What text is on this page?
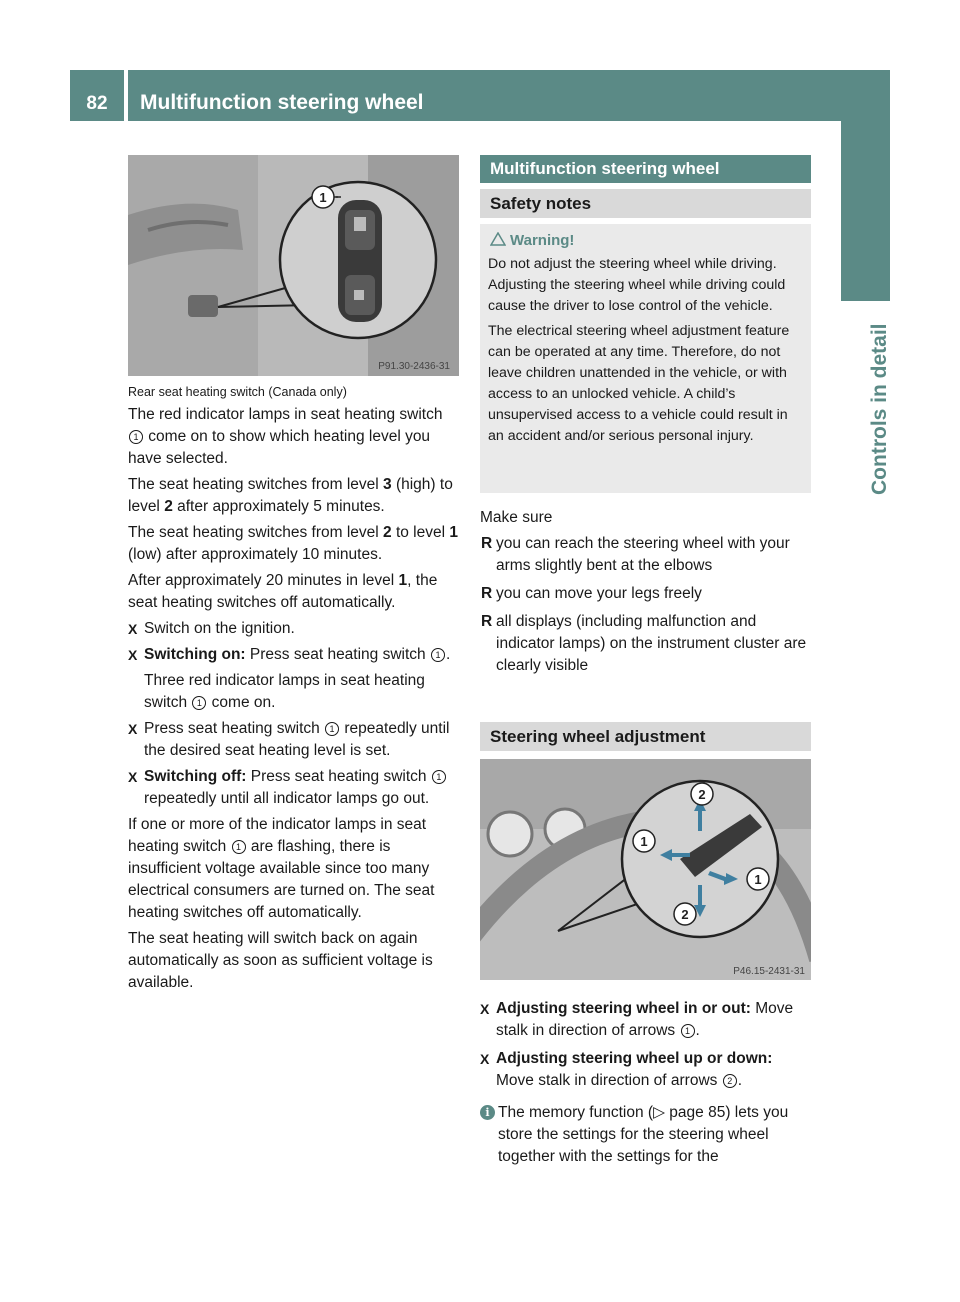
82	Multifunction steering wheel
Controls in detail
1
P91.30-2436-31

Rear seat heating switch (Canada only)

The red indicator lamps in seat heating switch 1 come on to show which heating level you have selected.

The seat heating switches from level 3 (high) to level 2 after approximately 5 minutes.

The seat heating switches from level 2 to level 1 (low) after approximately 10 minutes.

After approximately 20 minutes in level 1, the seat heating switches off automatically.

X Switch on the ignition.
X Switching on: Press seat heating switch 1 .
Three red indicator lamps in seat heating switch 1 come on.
X Press seat heating switch 1 repeatedly until the desired seat heating level is set.
X Switching off: Press seat heating switch 1 repeatedly until all indicator lamps go out.

If one or more of the indicator lamps in seat heating switch 1 are flashing, there is insufficient voltage available since too many electrical consumers are turned on. The seat heating switches off automatically.

The seat heating will switch back on again automatically as soon as sufficient voltage is available.

Multifunction steering wheel
Safety notes
Warning!

Do not adjust the steering wheel while driving. Adjusting the steering wheel while driving could cause the driver to lose control of the vehicle.

The electrical steering wheel adjustment feature can be operated at any time. Therefore, do not leave children unattended in the vehicle, or with access to an unlocked vehicle. A child’s unsupervised access to a vehicle could result in an accident and/or serious personal injury.

Make sure

R you can reach the steering wheel with your arms slightly bent at the elbows
R you can move your legs freely
R all displays (including malfunction and indicator lamps) on the instrument cluster are clearly visible
Steering wheel adjustment
2
1
1
2
P46.15-2431-31
X Adjusting steering wheel in or out: Move stalk in direction of arrows 1 .
X Adjusting steering wheel up or down: Move stalk in direction of arrows 2 .
i The memory function (▷ page 85) lets you store the settings for the steering wheel together with the settings for the
